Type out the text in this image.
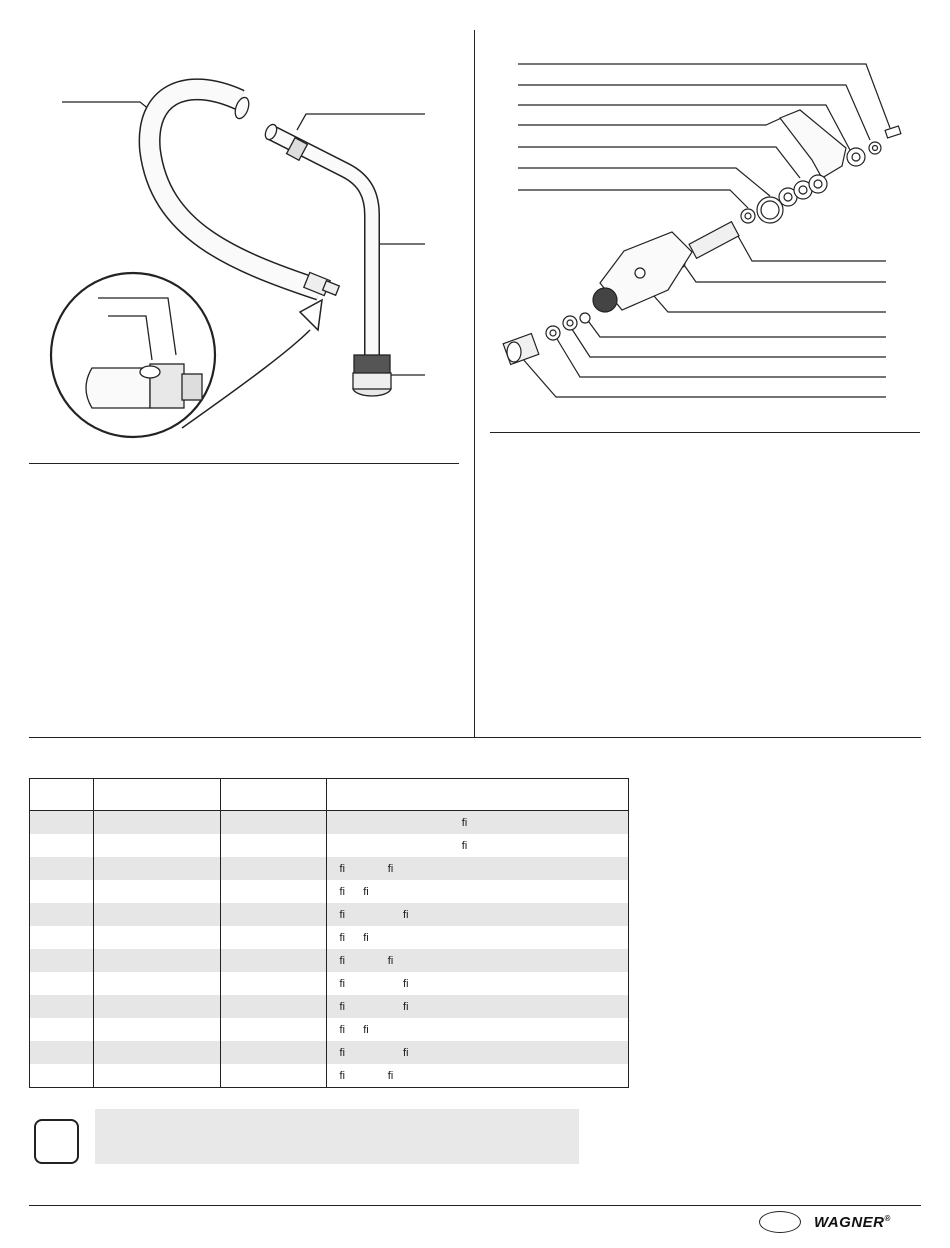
			ﬁ
			ﬁ
			ﬁ              ﬁ
			ﬁ      ﬁ
			ﬁ                   ﬁ
			ﬁ      ﬁ
			ﬁ              ﬁ
			ﬁ                   ﬁ
			ﬁ                   ﬁ
			ﬁ      ﬁ
			ﬁ                   ﬁ
			ﬁ              ﬁ
WAGNER®
